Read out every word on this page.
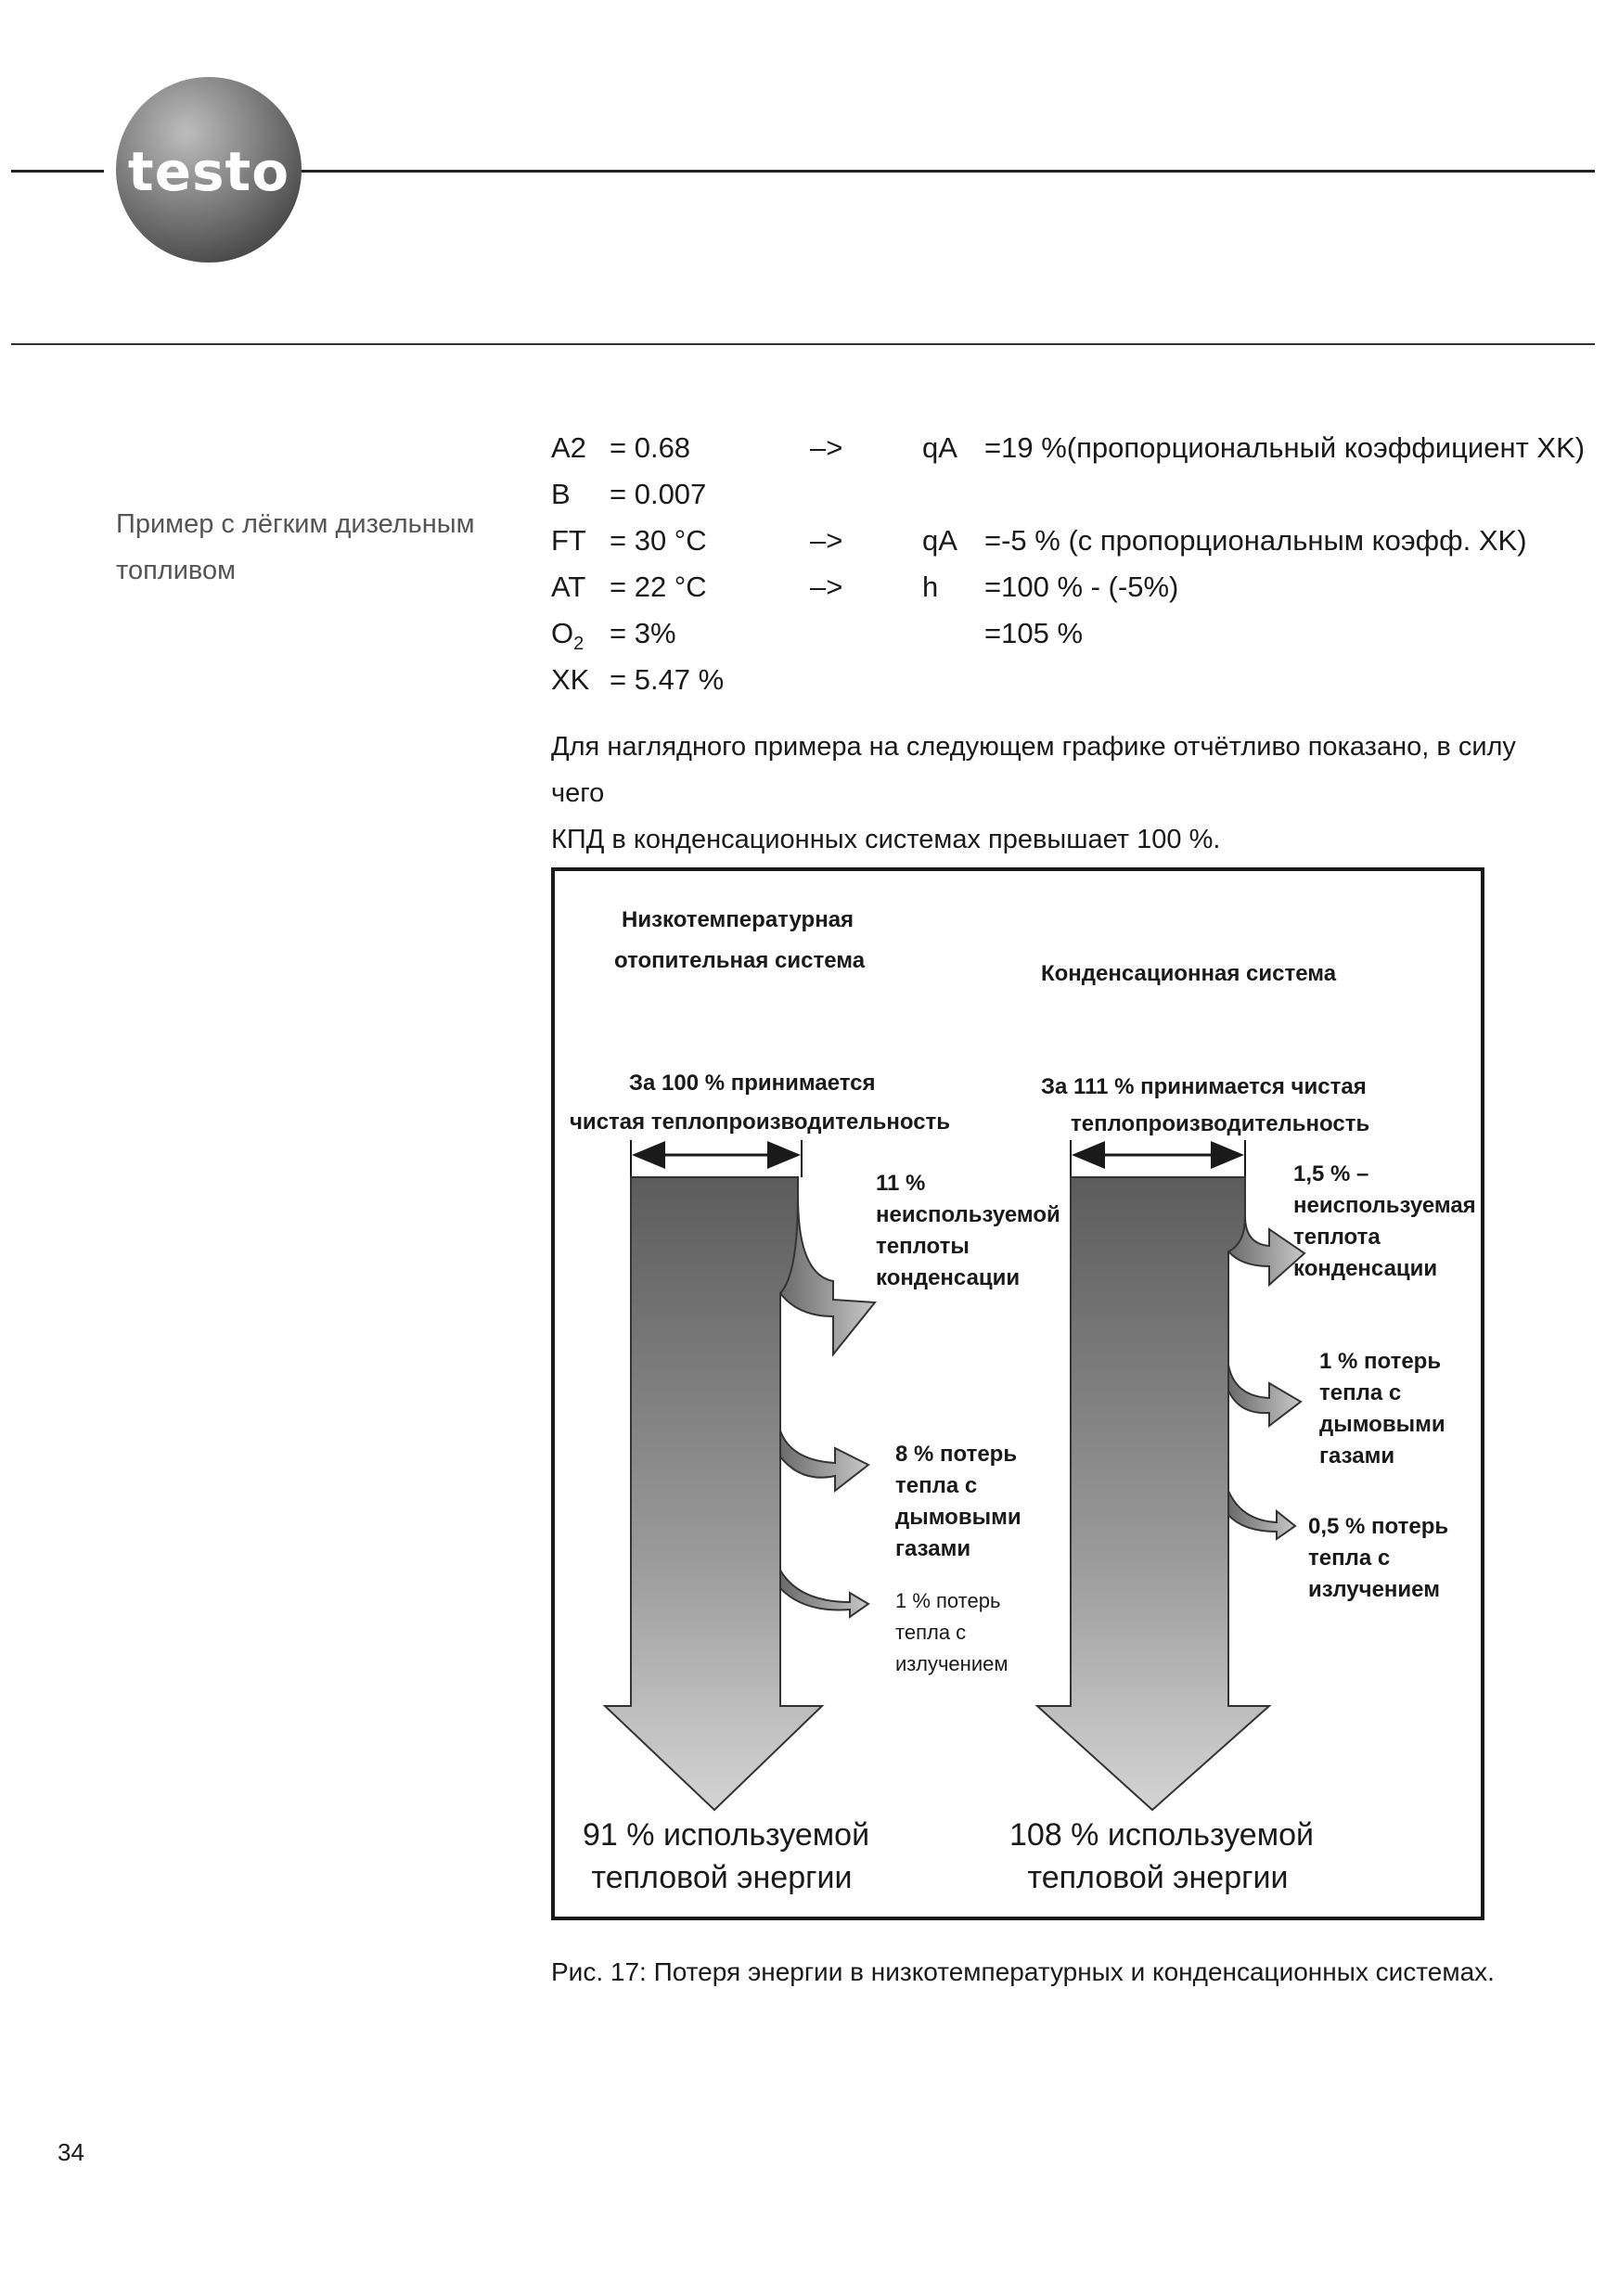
testo
Пример с лёгким дизельным
топливом
А2 = 0.68
B = 0.007
FT = 30 °C
AT = 22 °C
$O_2 = 3\%$
XK = 5.47 %
–>
–>
–>
qA =19 %(пропорциональный коэффициент XK)
qA =-5 % (с пропорциональным коэфф. XK)
h =100 % - (-5%)
=105 %
Для наглядного примера на следующем графике отчётливо показано, в силу чего
КПД в конденсационных системах превышает 100 %.
Низкотемпературная
отопительная система
За 100 % принимается
чистая теплопроизводительность
11 %
неиспользуемой
теплоты
конденсации
8 % потерь
тепла с
дымовыми
газами
1 % потерь
тепла с
излучением
91 % используемой
тепловой энергии
Конденсационная система
За 111 % принимается чистая
теплопроизводительность
1,5 % –
неиспользуемая
теплота
конденсации
1 % потерь
тепла с
дымовыми
газами
0,5 % потерь
тепла с
излучением
108 % используемой
тепловой энергии
Рис. 17: Потеря энергии в низкотемпературных и конденсационных системах.
34
